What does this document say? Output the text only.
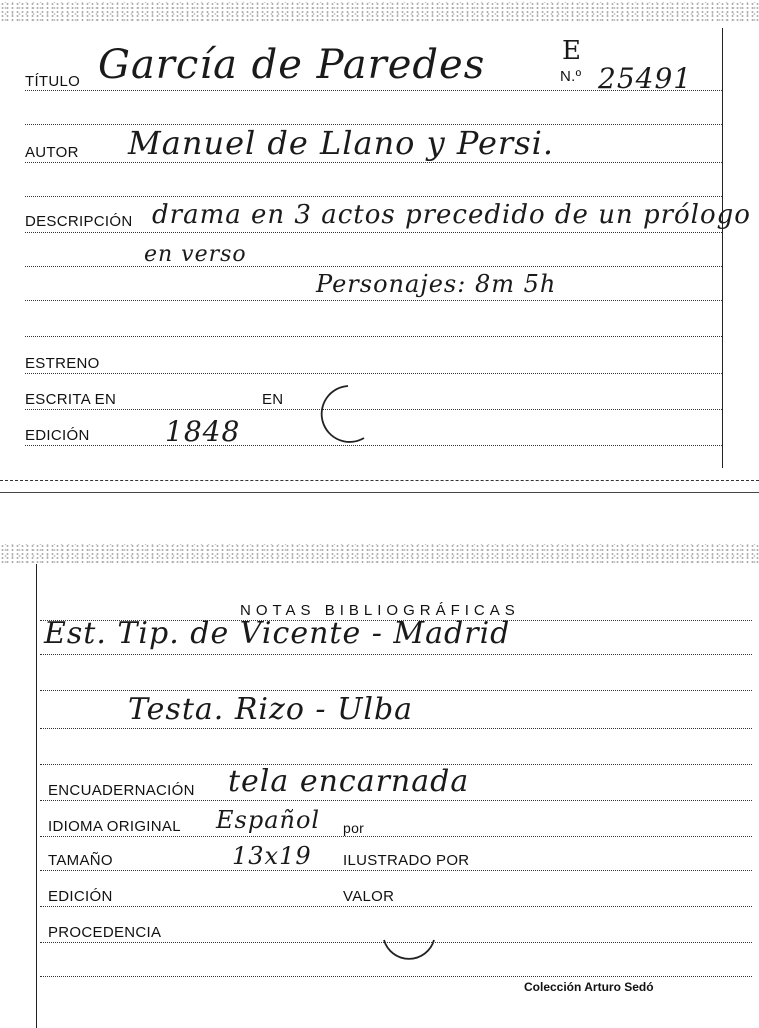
TÍTULO García de Paredes	E
N.º 25491
AUTOR Manuel de Llano y Persi.
DESCRIPCIÓN drama en 3 actos precedido de un prólogo
en verso
Personajes: 8m 5h
ESTRENO
ESCRITA EN	EN
EDICIÓN	1848
NOTAS BIBLIOGRÁFICAS
Est. Tip. de Vicente - Madrid
Testa. Rizo - Ulba
ENCUADERNACIÓN tela encarnada
IDIOMA ORIGINAL Español por
TAMAÑO	13x19 ILUSTRADO POR
EDICIÓN	VALOR
PROCEDENCIA
Colección Arturo Sedó
